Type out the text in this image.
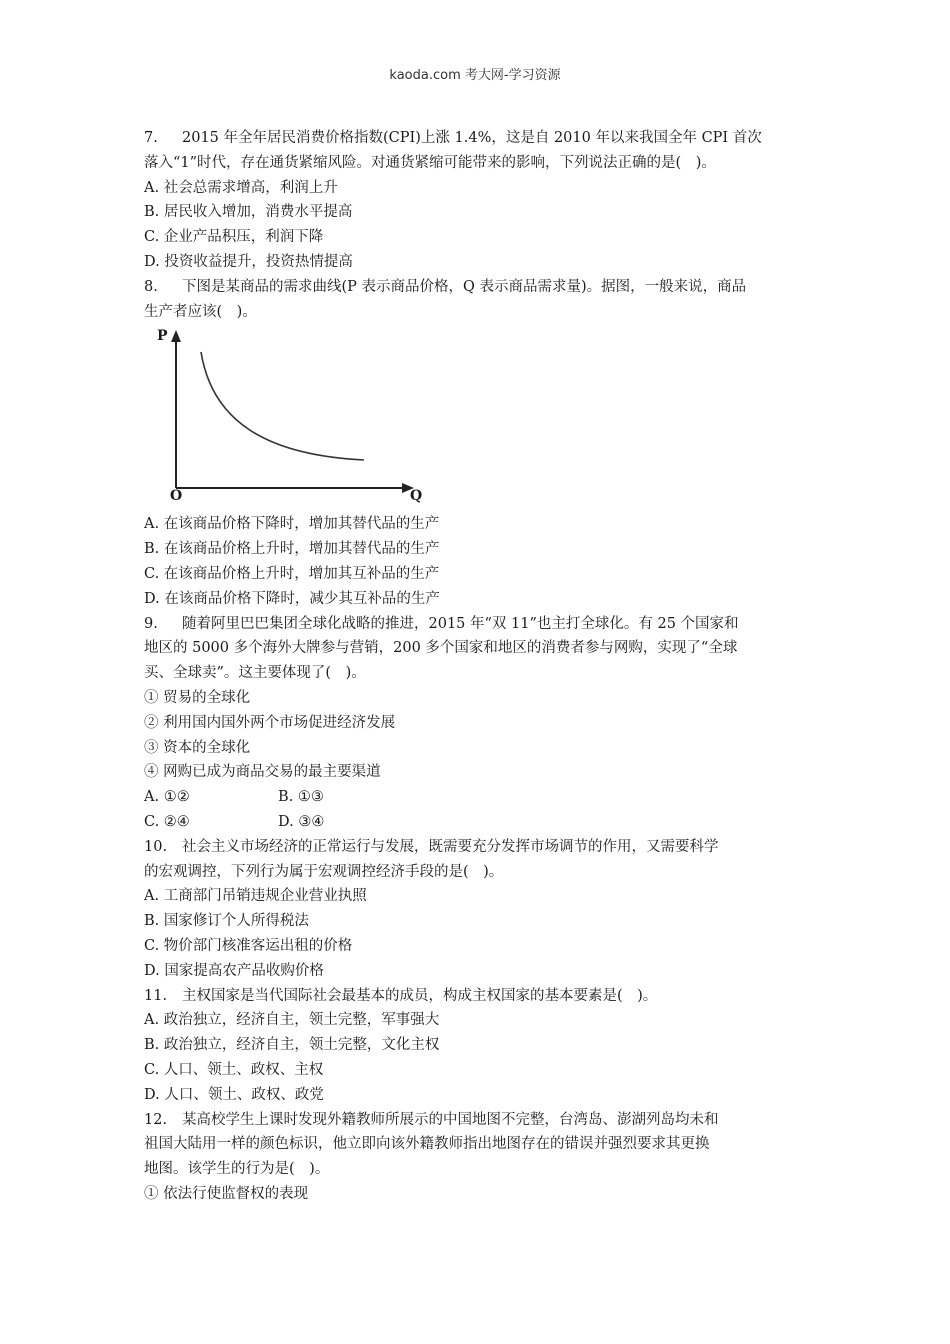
kaoda.com 考大网-学习资源
7. 2015 年全年居民消费价格指数(CPI)上涨 1.4%，这是自 2010 年以来我国全年 CPI 首次
落入“1”时代，存在通货紧缩风险。对通货紧缩可能带来的影响，下列说法正确的是(　)。
A. 社会总需求增高，利润上升
B. 居民收入增加，消费水平提高
C. 企业产品积压，利润下降
D. 投资收益提升，投资热情提高
8. 下图是某商品的需求曲线(P 表示商品价格，Q 表示商品需求量)。据图，一般来说，商品
生产者应该(　)。
P
O	Q
A. 在该商品价格下降时，增加其替代品的生产
B. 在该商品价格上升时，增加其替代品的生产
C. 在该商品价格上升时，增加其互补品的生产
D. 在该商品价格下降时，减少其互补品的生产
9. 随着阿里巴巴集团全球化战略的推进，2015 年“双 11”也主打全球化。有 25 个国家和
地区的 5000 多个海外大牌参与营销，200 多个国家和地区的消费者参与网购，实现了“全球
买、全球卖”。这主要体现了(　)。
① 贸易的全球化
② 利用国内国外两个市场促进经济发展
③ 资本的全球化
④ 网购已成为商品交易的最主要渠道
A. ①②	B. ①③
C. ②④	D. ③④
10. 社会主义市场经济的正常运行与发展，既需要充分发挥市场调节的作用，又需要科学
的宏观调控，下列行为属于宏观调控经济手段的是(　)。
A. 工商部门吊销违规企业营业执照
B. 国家修订个人所得税法
C. 物价部门核准客运出租的价格
D. 国家提高农产品收购价格
11. 主权国家是当代国际社会最基本的成员，构成主权国家的基本要素是(　)。
A. 政治独立，经济自主，领土完整，军事强大
B. 政治独立，经济自主，领土完整，文化主权
C. 人口、领土、政权、主权
D. 人口、领土、政权、政党
12. 某高校学生上课时发现外籍教师所展示的中国地图不完整，台湾岛、澎湖列岛均未和
祖国大陆用一样的颜色标识，他立即向该外籍教师指出地图存在的错误并强烈要求其更换
地图。该学生的行为是(　)。
① 依法行使监督权的表现
